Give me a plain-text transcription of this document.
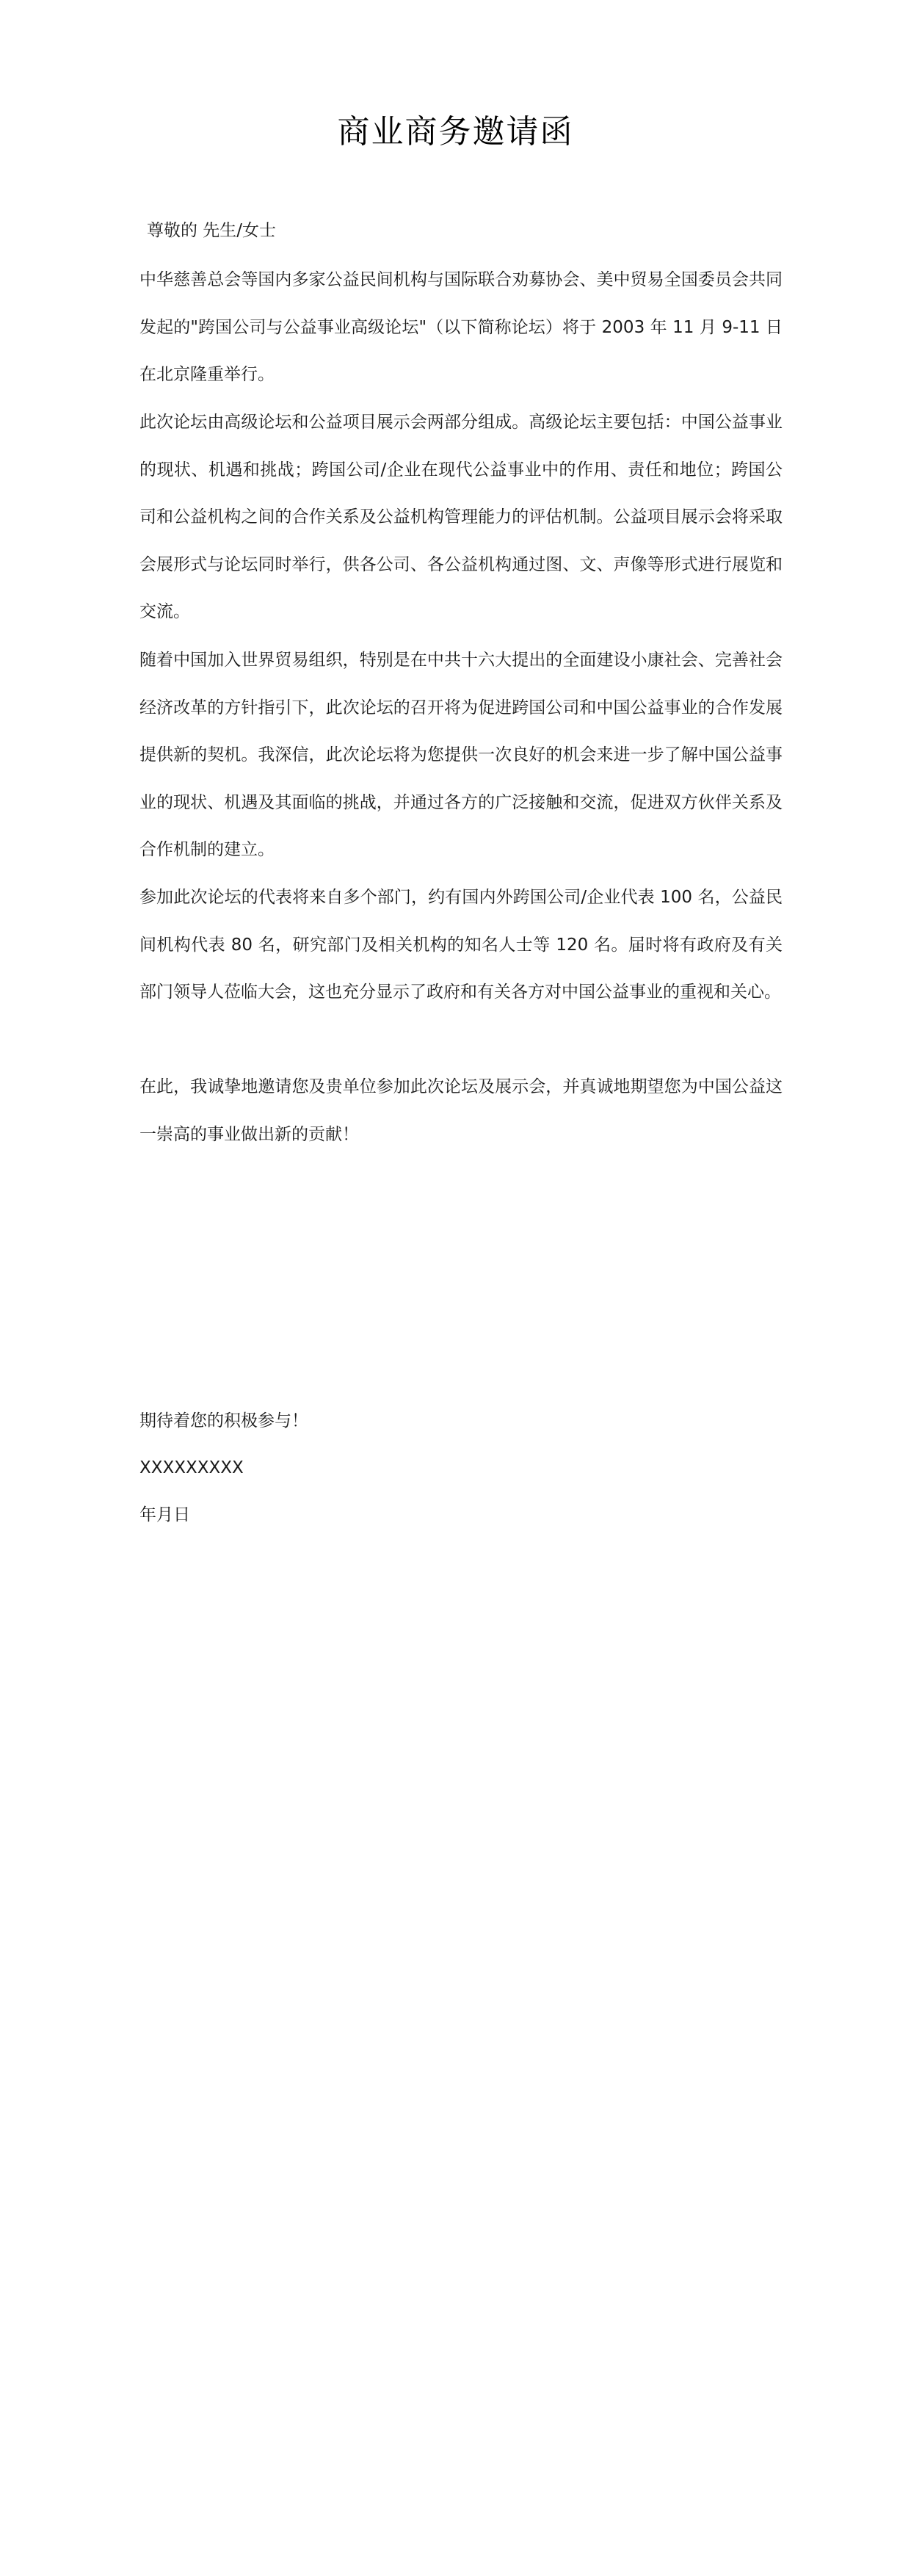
商业商务邀请函
尊敬的 先生/女士
中华慈善总会等国内多家公益民间机构与国际联合劝募协会、美中贸易全国委员会共同发起的"跨国公司与公益事业高级论坛"（以下简称论坛）将于 2003 年 11 月 9-11 日在北京隆重举行。
此次论坛由高级论坛和公益项目展示会两部分组成。高级论坛主要包括：中国公益事业的现状、机遇和挑战；跨国公司/企业在现代公益事业中的作用、责任和地位；跨国公司和公益机构之间的合作关系及公益机构管理能力的评估机制。公益项目展示会将采取会展形式与论坛同时举行，供各公司、各公益机构通过图、文、声像等形式进行展览和交流。
随着中国加入世界贸易组织，特别是在中共十六大提出的全面建设小康社会、完善社会经济改革的方针指引下，此次论坛的召开将为促进跨国公司和中国公益事业的合作发展提供新的契机。我深信，此次论坛将为您提供一次良好的机会来进一步了解中国公益事业的现状、机遇及其面临的挑战，并通过各方的广泛接触和交流，促进双方伙伴关系及合作机制的建立。
参加此次论坛的代表将来自多个部门，约有国内外跨国公司/企业代表 100 名，公益民间机构代表 80 名，研究部门及相关机构的知名人士等 120 名。届时将有政府及有关部门领导人莅临大会，这也充分显示了政府和有关各方对中国公益事业的重视和关心。
在此，我诚挚地邀请您及贵单位参加此次论坛及展示会，并真诚地期望您为中国公益这一崇高的事业做出新的贡献！
期待着您的积极参与！
XXXXXXXXX
年月日
